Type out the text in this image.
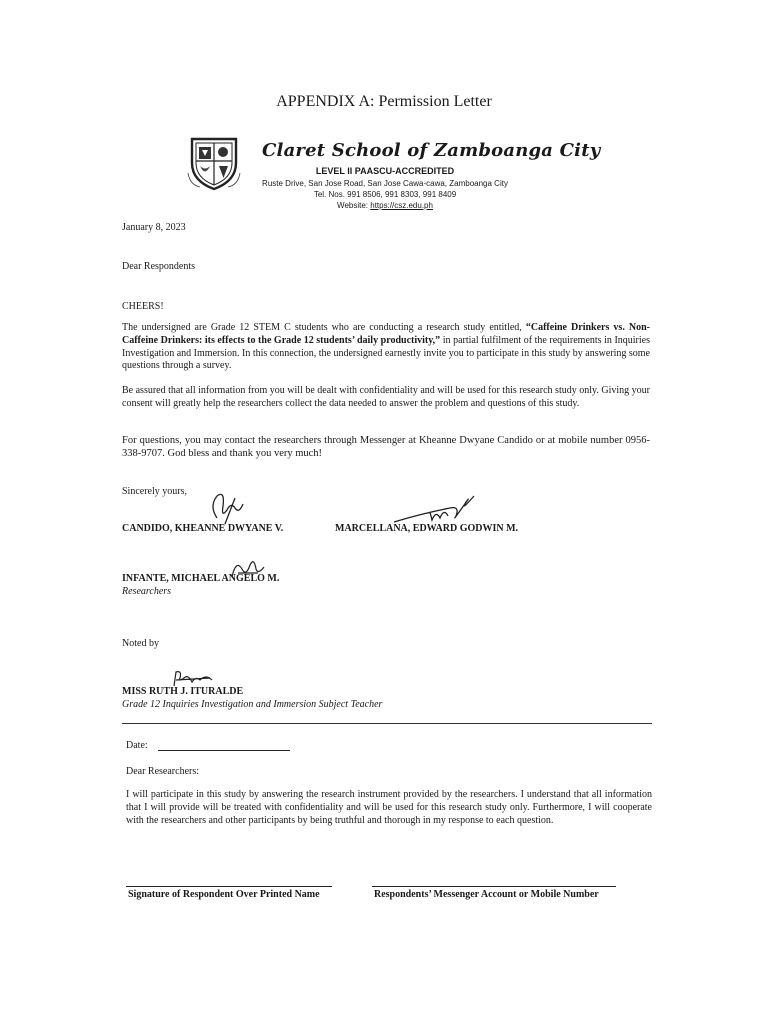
APPENDIX A: Permission Letter
Claret School of Zamboanga City
LEVEL II PAASCU-ACCREDITED
Ruste Drive, San Jose Road, San Jose Cawa-cawa, Zamboanga City
Tel. Nos. 991 8506, 991 8303, 991 8409
Website: https://csz.edu.ph
January 8, 2023
Dear Respondents
CHEERS!
The undersigned are Grade 12 STEM C students who are conducting a research study entitled, “Caffeine Drinkers vs. Non-Caffeine Drinkers: its effects to the Grade 12 students’ daily productivity,” in partial fulfilment of the requirements in Inquiries Investigation and Immersion. In this connection, the undersigned earnestly invite you to participate in this study by answering some questions through a survey.
Be assured that all information from you will be dealt with confidentiality and will be used for this research study only. Giving your consent will greatly help the researchers collect the data needed to answer the problem and questions of this study.
For questions, you may contact the researchers through Messenger at Kheanne Dwyane Candido or at mobile number 0956-338-9707. God bless and thank you very much!
Sincerely yours,
CANDIDO, KHEANNE DWYANE V.	MARCELLANA, EDWARD GODWIN M.
INFANTE, MICHAEL ANGELO M.
Researchers
Noted by
MISS RUTH J. ITURALDE
Grade 12 Inquiries Investigation and Immersion Subject Teacher
Date:
Dear Researchers:
I will participate in this study by answering the research instrument provided by the researchers. I understand that all information that I will provide will be treated with confidentiality and will be used for this research study only. Furthermore, I will cooperate with the researchers and other participants by being truthful and thorough in my response to each question.
Signature of Respondent Over Printed Name	Respondents’ Messenger Account or Mobile Number
